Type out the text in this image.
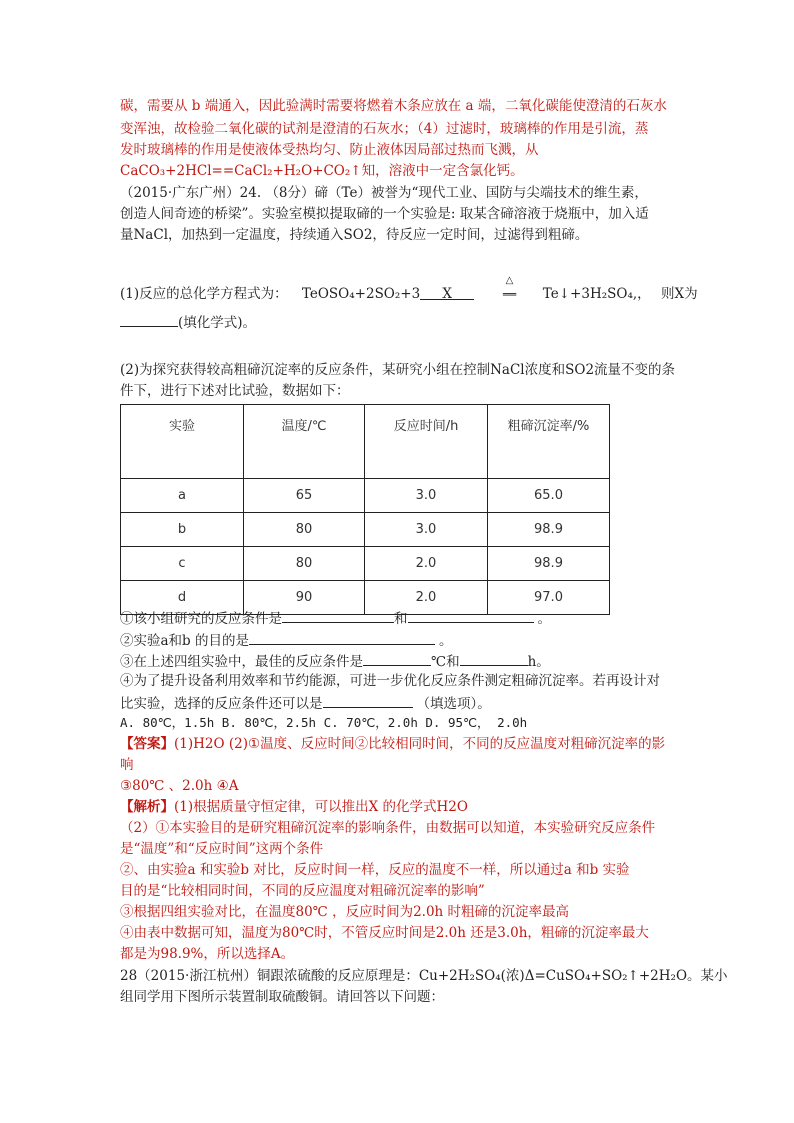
碳，需要从 b 端通入，因此验满时需要将燃着木条应放在 a 端，二氧化碳能使澄清的石灰水
变浑浊，故检验二氧化碳的试剂是澄清的石灰水；（4）过滤时，玻璃棒的作用是引流，蒸
发时玻璃棒的作用是使液体受热均匀、防止液体因局部过热而飞溅，从
CaCO₃+2HCl==CaCl₂+H₂O+CO₂↑知，溶液中一定含氯化钙。
（2015·广东广州）24. （8分）碲（Te）被誉为“现代工业、国防与尖端技术的维生素，
创造人间奇迹的桥梁”。实验室模拟提取碲的一个实验是: 取某含碲溶液于烧瓶中，加入适
量NaCl，加热到一定温度，持续通入SO2，待反应一定时间，过滤得到粗碲。
(1)反应的总化学方程式为： TeOSO₄+2SO₂+3 X
△
══ Te↓+3H₂SO₄,， 则X为
(填化学式)。
(2)为探究获得较高粗碲沉淀率的反应条件，某研究小组在控制NaCl浓度和SO2流量不变的条
件下，进行下述对比试验，数据如下：
实验	温度/℃	反应时间/h	粗碲沉淀率/%
a	65	3.0	65.0
b	80	3.0	98.9
c	80	2.0	98.9
d	90	2.0	97.0
①该小组研究的反应条件是	和	。
②实验a和b 的目的是	。
③在上述四组实验中，最佳的反应条件是	℃和	h。
④为了提升设备利用效率和节约能源，可进一步优化反应条件测定粗碲沉淀率。若再设计对
比实验，选择的反应条件还可以是	（填选项）。
A. 80℃，1.5h B. 80℃，2.5h C. 70℃，2.0h D. 95℃， 2.0h
【答案】(1)H2O (2)①温度、反应时间②比较相同时间，不同的反应温度对粗碲沉淀率的影
响
③80℃ 、2.0h ④A
【解析】(1)根据质量守恒定律，可以推出X 的化学式H2O
（2）①本实验目的是研究粗碲沉淀率的影响条件，由数据可以知道，本实验研究反应条件
是“温度”和“反应时间”这两个条件
②、由实验a 和实验b 对比，反应时间一样，反应的温度不一样，所以通过a 和b 实验
目的是“比较相同时间，不同的反应温度对粗碲沉淀率的影响”
③根据四组实验对比，在温度80℃ ，反应时间为2.0h 时粗碲的沉淀率最高
④由表中数据可知，温度为80℃时，不管反应时间是2.0h 还是3.0h，粗碲的沉淀率最大
都是为98.9%，所以选择A。
28（2015·浙江杭州）铜跟浓硫酸的反应原理是：Cu+2H₂SO₄(浓)Δ=CuSO₄+SO₂↑+2H₂O。某小
组同学用下图所示装置制取硫酸铜。请回答以下问题：
